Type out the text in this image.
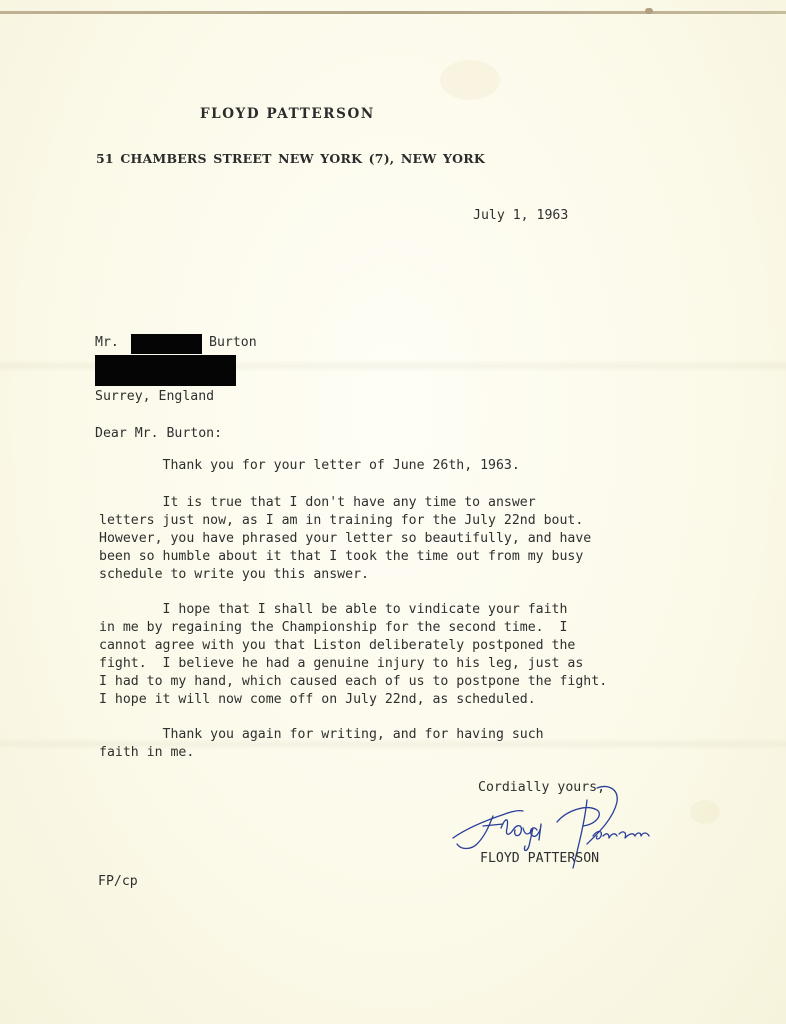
FLOYD PATTERSON
51 CHAMBERS STREET NEW YORK (7), NEW YORK
July 1, 1963
Mr.	Burton
Surrey, England
Dear Mr. Burton:
Thank you for your letter of June 26th, 1963.
It is true that I don't have any time to answer
letters just now, as I am in training for the July 22nd bout.
However, you have phrased your letter so beautifully, and have
been so humble about it that I took the time out from my busy
schedule to write you this answer.
I hope that I shall be able to vindicate your faith
in me by regaining the Championship for the second time.  I
cannot agree with you that Liston deliberately postponed the
fight.  I believe he had a genuine injury to his leg, just as
I had to my hand, which caused each of us to postpone the fight.
I hope it will now come off on July 22nd, as scheduled.
Thank you again for writing, and for having such
faith in me.
Cordially yours,
FLOYD PATTERSON
FP/cp
